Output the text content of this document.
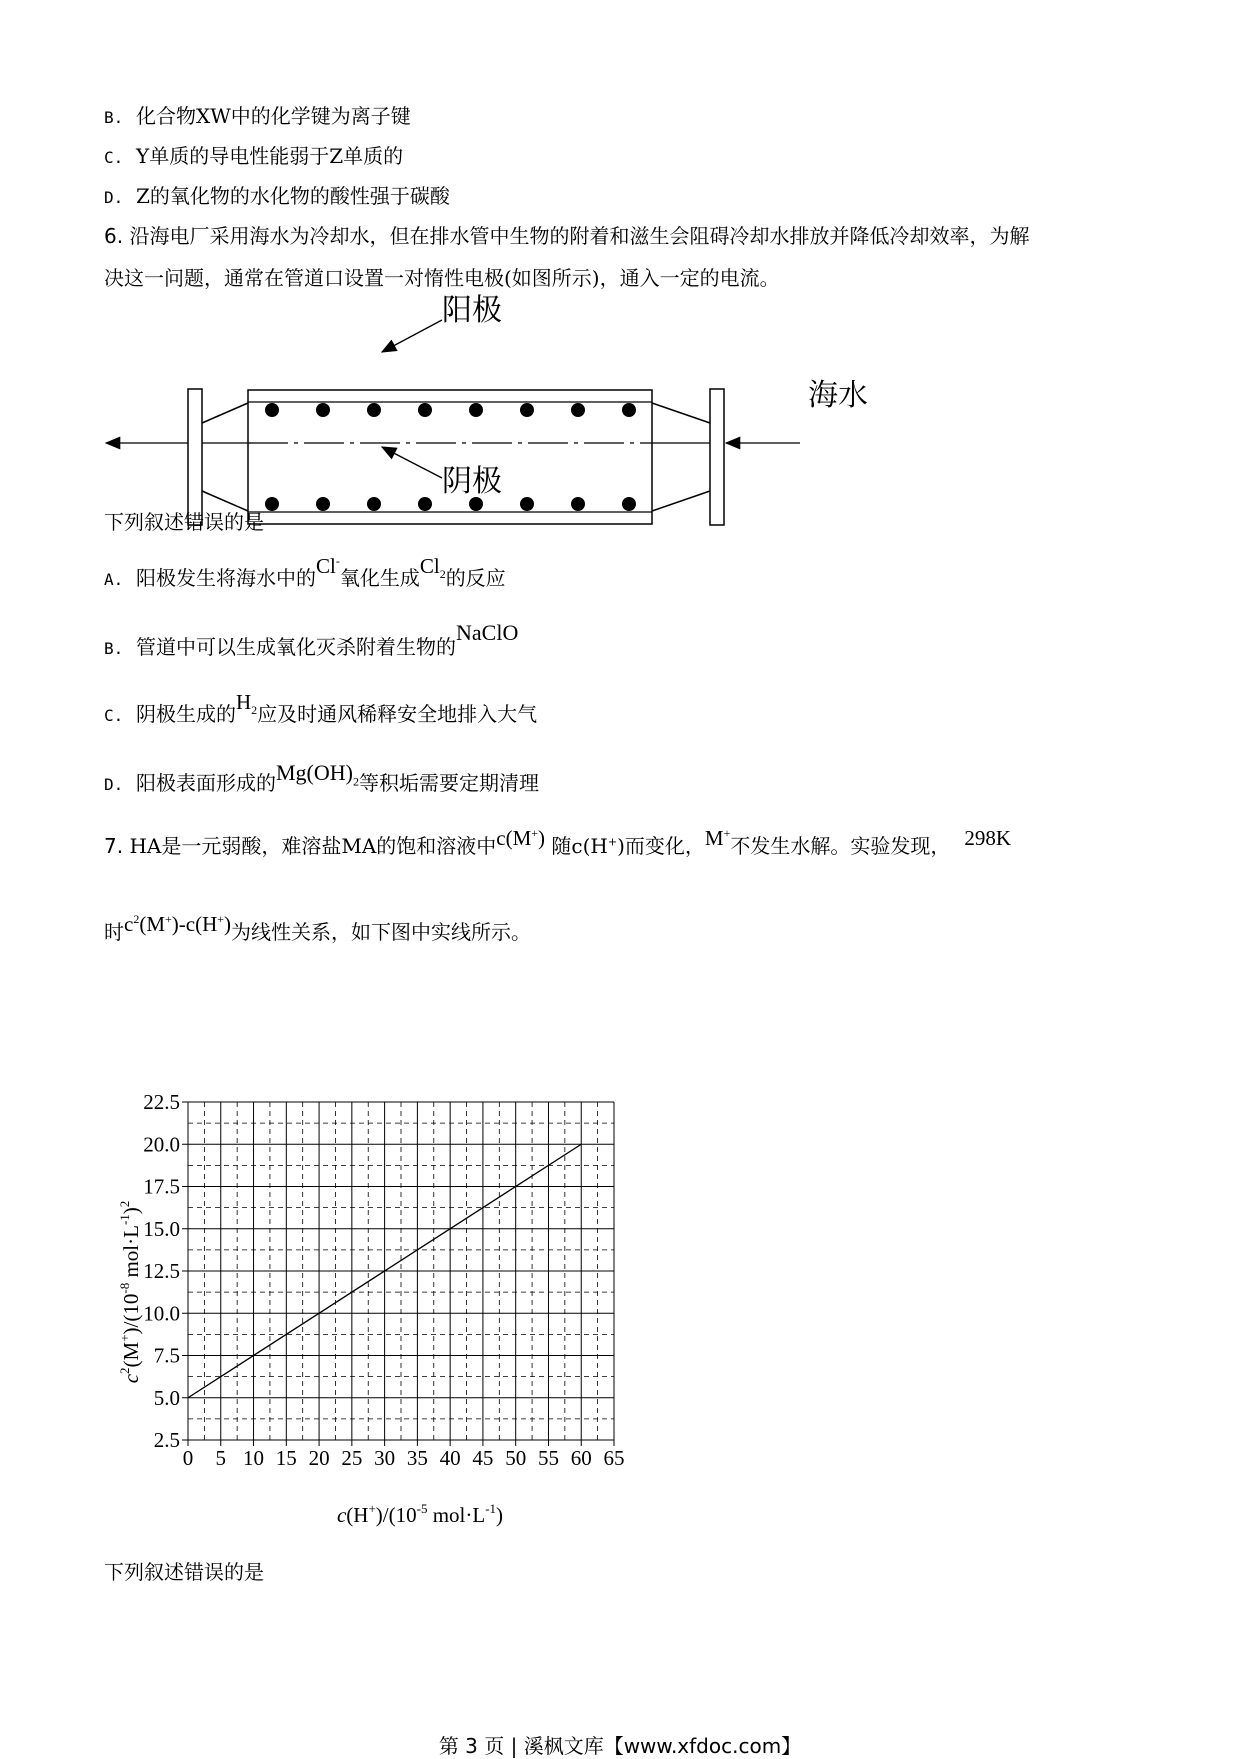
B. 化合物XW中的化学键为离子键
C. Y单质的导电性能弱于Z单质的
D. Z的氧化物的水化物的酸性强于碳酸
6. 沿海电厂采用海水为冷却水，但在排水管中生物的附着和滋生会阻碍冷却水排放并降低冷却效率，为解
决这一问题，通常在管道口设置一对惰性电极(如图所示)，通入一定的电流。
阳极
阴极
海水
下列叙述错误的是
A. 阳极发生将海水中的Cl-氧化生成$Cl_2$的反应
B. 管道中可以生成氧化灭杀附着生物的NaClO
C. 阴极生成的$H_2$应及时通风稀释安全地排入大气
D. 阳极表面形成的$Mg(OH)_2$等积垢需要定期清理
7. HA是一元弱酸，难溶盐MA的饱和溶液中c(M+) 随c(H+)而变化，M+不发生水解。实验发现， 298K
时$c^2(M^+)-c(H^+)$为线性关系，如下图中实线所示。
2.5
5.0
7.5
10.0
12.5
15.0
17.5
20.0
22.5
0 5 10 15 20 25 30 35 40 45 50 55 60 65
$c(H^+)/(10^{-5}$ $mol\cdot L^{-1}$)
$c^2(M^+)/(10^{-8}$ $mol\cdot L^{-1})^2$
下列叙述错误的是
第 3 页 | 溪枫文库【www.xfdoc.com】
